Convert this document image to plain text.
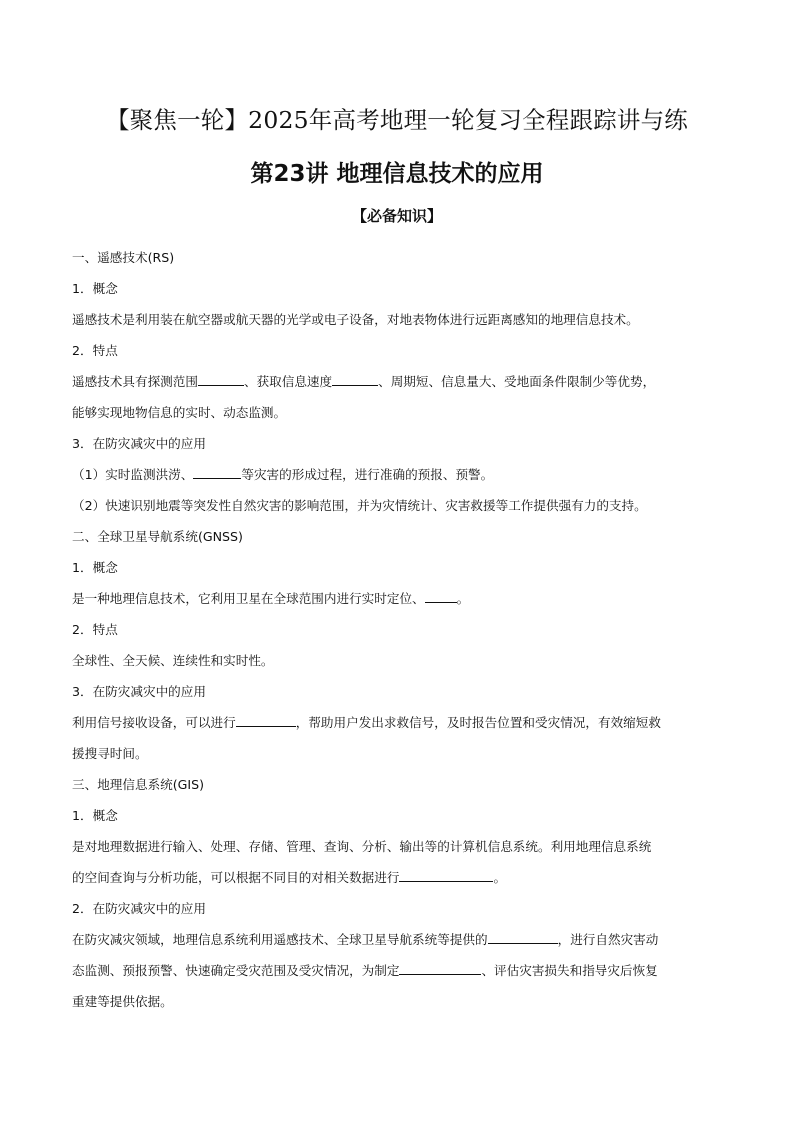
【聚焦一轮】2025年高考地理一轮复习全程跟踪讲与练
第23讲 地理信息技术的应用
【必备知识】
一、遥感技术(RS)
1．概念
遥感技术是利用装在航空器或航天器的光学或电子设备，对地表物体进行远距离感知的地理信息技术。
2．特点
遥感技术具有探测范围	、获取信息速度	、周期短、信息量大、受地面条件限制少等优势，
能够实现地物信息的实时、动态监测。
3．在防灾减灾中的应用
（1）实时监测洪涝、	等灾害的形成过程，进行准确的预报、预警。
（2）快速识别地震等突发性自然灾害的影响范围，并为灾情统计、灾害救援等工作提供强有力的支持。
二、全球卫星导航系统(GNSS)
1．概念
是一种地理信息技术，它利用卫星在全球范围内进行实时定位、	。
2．特点
全球性、全天候、连续性和实时性。
3．在防灾减灾中的应用
利用信号接收设备，可以进行	，帮助用户发出求救信号，及时报告位置和受灾情况，有效缩短救
援搜寻时间。
三、地理信息系统(GIS)
1．概念
是对地理数据进行输入、处理、存储、管理、查询、分析、输出等的计算机信息系统。利用地理信息系统
的空间查询与分析功能，可以根据不同目的对相关数据进行	。
2．在防灾减灾中的应用
在防灾减灾领域，地理信息系统利用遥感技术、全球卫星导航系统等提供的	，进行自然灾害动
态监测、预报预警、快速确定受灾范围及受灾情况，为制定	、评估灾害损失和指导灾后恢复
重建等提供依据。
